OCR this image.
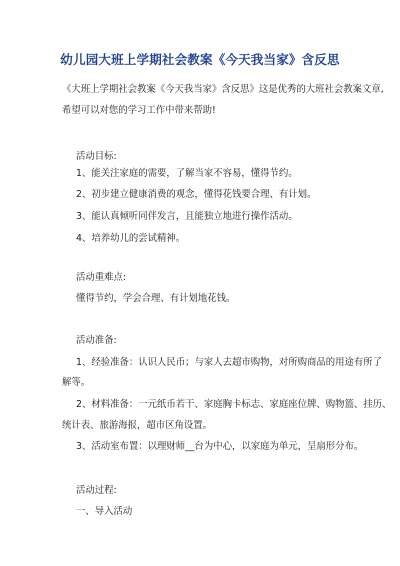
幼儿园大班上学期社会教案《今天我当家》含反思
《大班上学期社会教案《今天我当家》含反思》这是优秀的大班社会教案文章,
希望可以对您的学习工作中带来帮助!
活动目标:
1、能关注家庭的需要，了解当家不容易，懂得节约。
2、初步建立健康消费的观念，懂得花钱要合理、有计划。
3、能认真倾听同伴发言，且能独立地进行操作活动。
4、培养幼儿的尝试精神。
活动重难点:
懂得节约，学会合理、有计划地花钱。
活动准备:
1、经验准备：认识人民币；与家人去超市购物，对所购商品的用途有所了
解等。
2、材料准备：一元纸币若干、家庭胸卡标志、家庭座位牌、购物篮、挂历、
统计表、旅游海报，超市区角设置。
3、活动室布置：以理财师__台为中心，以家庭为单元，呈扇形分布。
活动过程:
一、导入活动
